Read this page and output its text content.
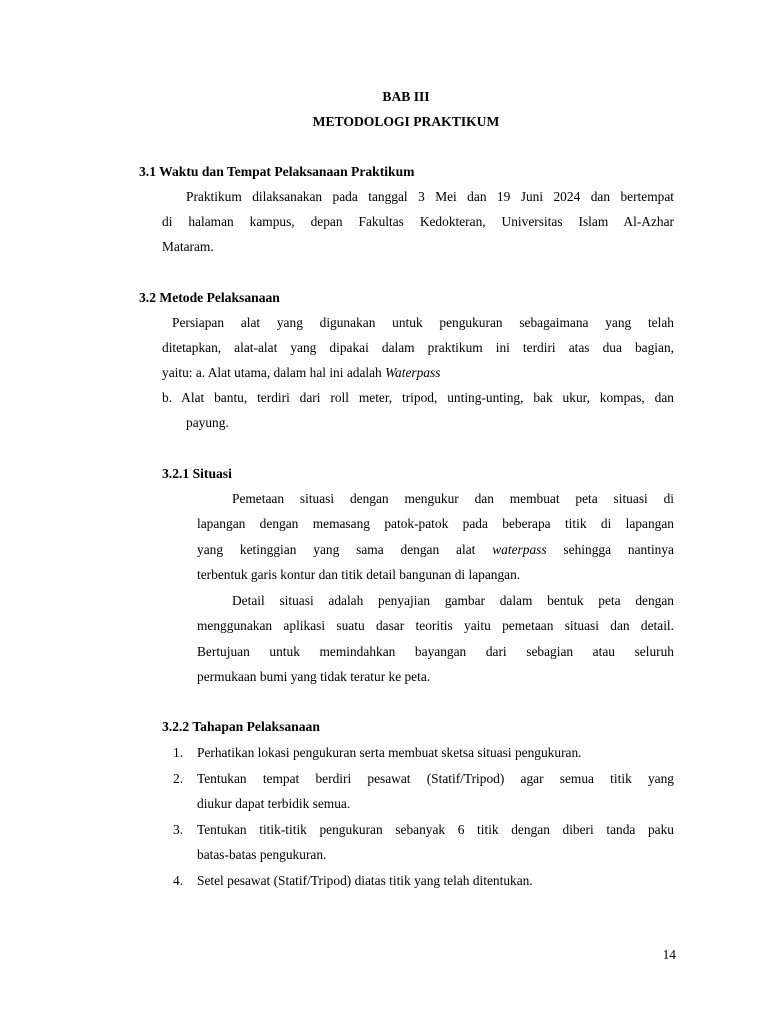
BAB III
METODOLOGI PRAKTIKUM
3.1 Waktu dan Tempat Pelaksanaan Praktikum
Praktikum dilaksanakan pada tanggal 3 Mei dan 19 Juni 2024 dan bertempat
di halaman kampus, depan Fakultas Kedokteran, Universitas Islam Al-Azhar
Mataram.
3.2 Metode Pelaksanaan
Persiapan alat yang digunakan untuk pengukuran sebagaimana yang telah
ditetapkan, alat-alat yang dipakai dalam praktikum ini terdiri atas dua bagian,
yaitu: a. Alat utama, dalam hal ini adalah Waterpass
b. Alat bantu, terdiri dari roll meter, tripod, unting-unting, bak ukur, kompas, dan
payung.
3.2.1 Situasi
Pemetaan situasi dengan mengukur dan membuat peta situasi di
lapangan dengan memasang patok-patok pada beberapa titik di lapangan
yang ketinggian yang sama dengan alat waterpass sehingga nantinya
terbentuk garis kontur dan titik detail bangunan di lapangan.
Detail situasi adalah penyajian gambar dalam bentuk peta dengan
menggunakan aplikasi suatu dasar teoritis yaitu pemetaan situasi dan detail.
Bertujuan untuk memindahkan bayangan dari sebagian atau seluruh
permukaan bumi yang tidak teratur ke peta.
3.2.2 Tahapan Pelaksanaan
1. Perhatikan lokasi pengukuran serta membuat sketsa situasi pengukuran.
2. Tentukan tempat berdiri pesawat (Statif/Tripod) agar semua titik yang
diukur dapat terbidik semua.
3. Tentukan titik-titik pengukuran sebanyak 6 titik dengan diberi tanda paku
batas-batas pengukuran.
4. Setel pesawat (Statif/Tripod) diatas titik yang telah ditentukan.
14
